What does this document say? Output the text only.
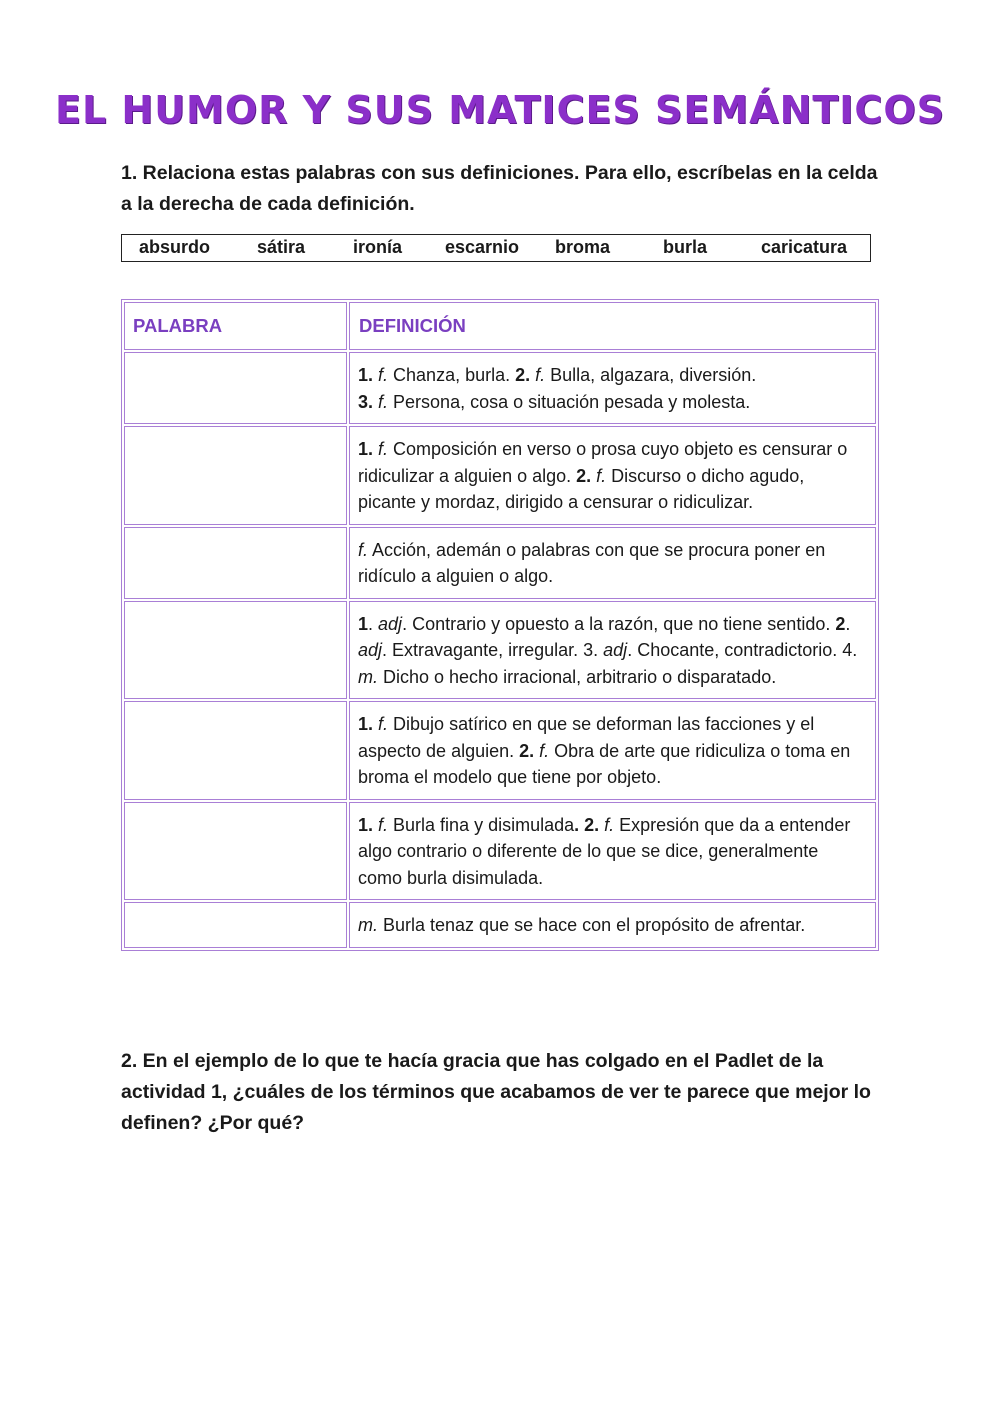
EL HUMOR Y SUS MATICES SEMÁNTICOS

1. Relaciona estas palabras con sus definiciones. Para ello, escríbelas en la celda a la derecha de cada definición.

absurdo	sátira	ironía escarnio broma	burla	caricatura
PALABRA	DEFINICIÓN
	1. f. Chanza, burla. 2. f. Bulla, algazara, diversión.
3. f. Persona, cosa o situación pesada y molesta.
	1. f. Composición en verso o prosa cuyo objeto es censurar o ridiculizar a alguien o algo. 2. f. Discurso o dicho agudo, picante y mordaz, dirigido a censurar o ridiculizar.
	f. Acción, ademán o palabras con que se procura poner en ridículo a alguien o algo.
	1. adj. Contrario y opuesto a la razón, que no tiene sentido. 2. adj. Extravagante, irregular. 3. adj. Chocante, contradictorio. 4. m. Dicho o hecho irracional, arbitrario o disparatado.
	1. f. Dibujo satírico en que se deforman las facciones y el aspecto de alguien. 2. f. Obra de arte que ridiculiza o toma en broma el modelo que tiene por objeto.
	1. f. Burla fina y disimulada. 2. f. Expresión que da a entender algo contrario o diferente de lo que se dice, generalmente como burla disimulada.
	m. Burla tenaz que se hace con el propósito de afrentar.

2. En el ejemplo de lo que te hacía gracia que has colgado en el Padlet de la actividad 1, ¿cuáles de los términos que acabamos de ver te parece que mejor lo definen? ¿Por qué?
